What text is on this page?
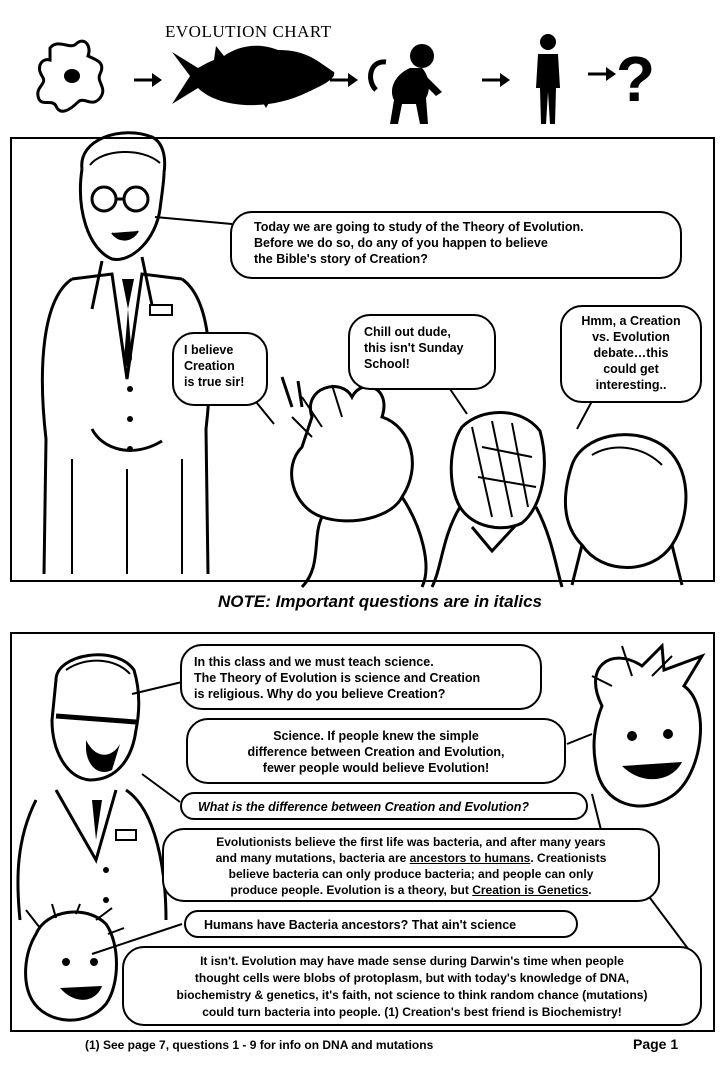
EVOLUTION CHART
?
Today we are going to study of the Theory of Evolution.
Before we do so, do any of you happen to believe
the Bible's story of Creation?
I believe
Creation
is true sir!
Chill out dude,
this isn't Sunday
School!
Hmm, a Creation
vs. Evolution
debate…this
could get
interesting..
NOTE: Important questions are in italics
In this class and we must teach science.
The Theory of Evolution is science and Creation
is religious. Why do you believe Creation?
Science. If people knew the simple
difference between Creation and Evolution,
fewer people would believe Evolution!
What is the difference between Creation and Evolution?
Evolutionists believe the first life was bacteria, and after many years
and many mutations, bacteria are ancestors to humans. Creationists
believe bacteria can only produce bacteria; and people can only
produce people. Evolution is a theory, but Creation is Genetics.
Humans have Bacteria ancestors? That ain't science
It isn't. Evolution may have made sense during Darwin's time when people
thought cells were blobs of protoplasm, but with today's knowledge of DNA,
biochemistry & genetics, it's faith, not science to think random chance (mutations)
could turn bacteria into people. (1) Creation's best friend is Biochemistry!
(1) See page 7, questions 1 - 9 for info on DNA and mutations	Page 1
